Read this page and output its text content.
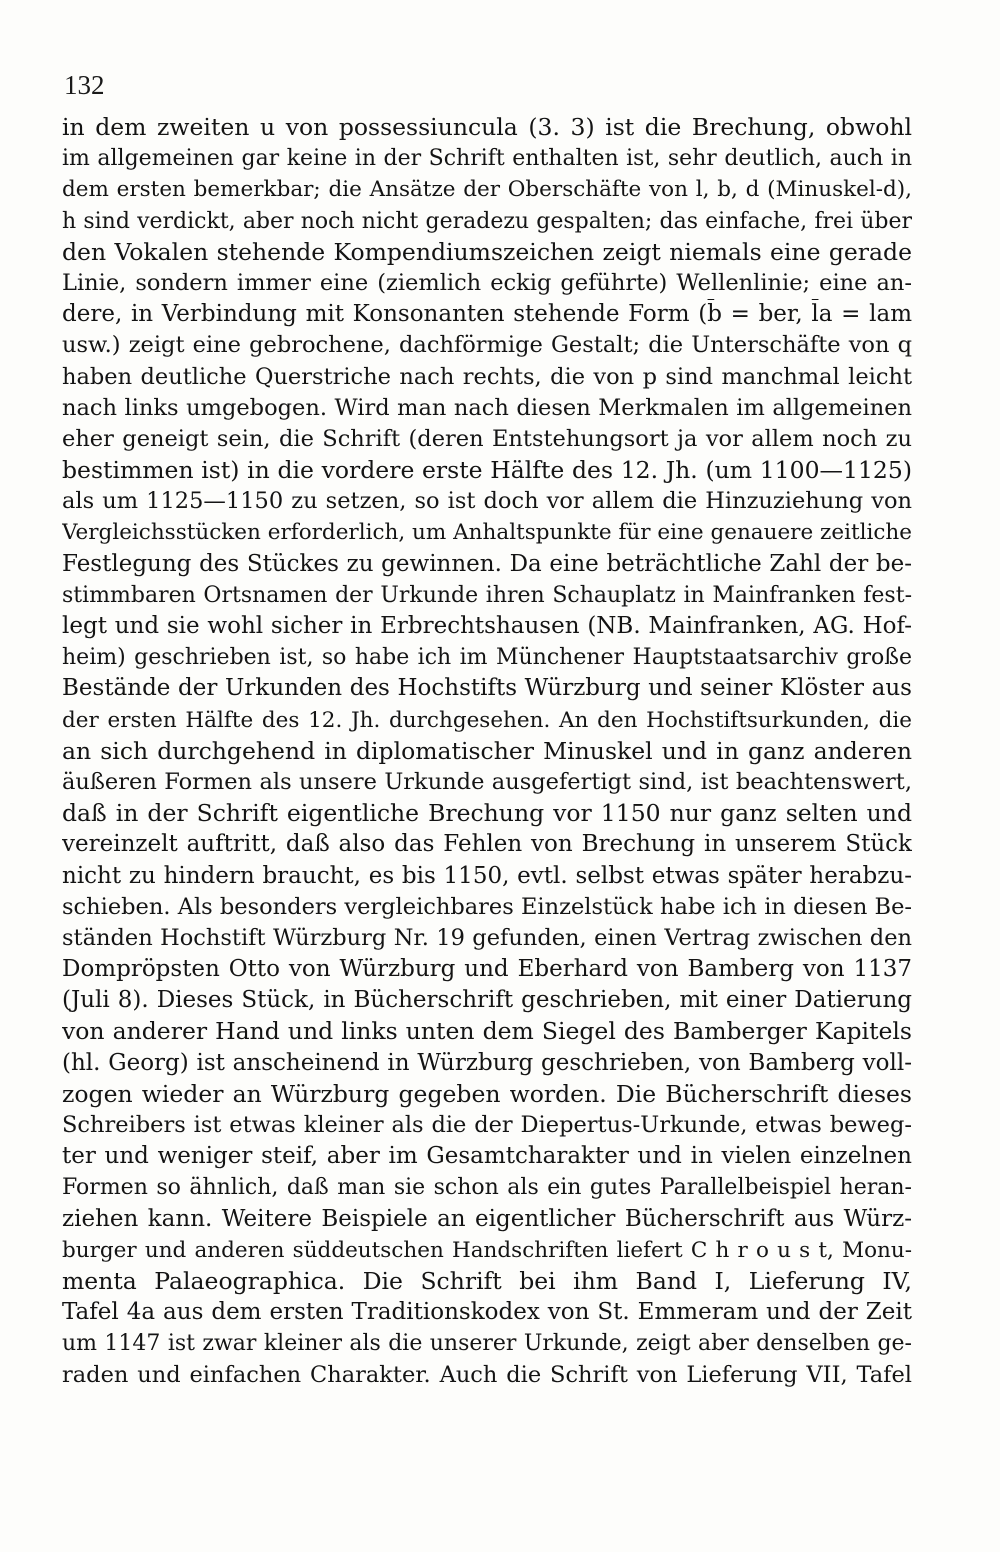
132
in dem zweiten u von possessiuncula (3. 3) ist die Brechung, obwohl
im allgemeinen gar keine in der Schrift enthalten ist, sehr deutlich, auch in
dem ersten bemerkbar; die Ansätze der Oberschäfte von l, b, d (Minuskel-d),
h sind verdickt, aber noch nicht geradezu gespalten; das einfache, frei über
den Vokalen stehende Kompendiumszeichen zeigt niemals eine gerade
Linie, sondern immer eine (ziemlich eckig geführte) Wellenlinie; eine an-
dere, in Verbindung mit Konsonanten stehende Form (b̄ = ber, l̄a = lam
usw.) zeigt eine gebrochene, dachförmige Gestalt; die Unterschäfte von q
haben deutliche Querstriche nach rechts, die von p sind manchmal leicht
nach links umgebogen. Wird man nach diesen Merkmalen im allgemeinen
eher geneigt sein, die Schrift (deren Entstehungsort ja vor allem noch zu
bestimmen ist) in die vordere erste Hälfte des 12. Jh. (um 1100—1125)
als um 1125—1150 zu setzen, so ist doch vor allem die Hinzuziehung von
Vergleichsstücken erforderlich, um Anhaltspunkte für eine genauere zeitliche
Festlegung des Stückes zu gewinnen. Da eine beträchtliche Zahl der be-
stimmbaren Ortsnamen der Urkunde ihren Schauplatz in Mainfranken fest-
legt und sie wohl sicher in Erbrechtshausen (NB. Mainfranken, AG. Hof-
heim) geschrieben ist, so habe ich im Münchener Hauptstaatsarchiv große
Bestände der Urkunden des Hochstifts Würzburg und seiner Klöster aus
der ersten Hälfte des 12. Jh. durchgesehen. An den Hochstiftsurkunden, die
an sich durchgehend in diplomatischer Minuskel und in ganz anderen
äußeren Formen als unsere Urkunde ausgefertigt sind, ist beachtenswert,
daß in der Schrift eigentliche Brechung vor 1150 nur ganz selten und
vereinzelt auftritt, daß also das Fehlen von Brechung in unserem Stück
nicht zu hindern braucht, es bis 1150, evtl. selbst etwas später herabzu-
schieben. Als besonders vergleichbares Einzelstück habe ich in diesen Be-
ständen Hochstift Würzburg Nr. 19 gefunden, einen Vertrag zwischen den
Dompröpsten Otto von Würzburg und Eberhard von Bamberg von 1137
(Juli 8). Dieses Stück, in Bücherschrift geschrieben, mit einer Datierung
von anderer Hand und links unten dem Siegel des Bamberger Kapitels
(hl. Georg) ist anscheinend in Würzburg geschrieben, von Bamberg voll-
zogen wieder an Würzburg gegeben worden. Die Bücherschrift dieses
Schreibers ist etwas kleiner als die der Diepertus-Urkunde, etwas beweg-
ter und weniger steif, aber im Gesamtcharakter und in vielen einzelnen
Formen so ähnlich, daß man sie schon als ein gutes Parallelbeispiel heran-
ziehen kann. Weitere Beispiele an eigentlicher Bücherschrift aus Würz-
burger und anderen süddeutschen Handschriften liefert C h r o u s t, Monu-
menta Palaeographica. Die Schrift bei ihm Band I, Lieferung IV,
Tafel 4a aus dem ersten Traditionskodex von St. Emmeram und der Zeit
um 1147 ist zwar kleiner als die unserer Urkunde, zeigt aber denselben ge-
raden und einfachen Charakter. Auch die Schrift von Lieferung VII, Tafel
